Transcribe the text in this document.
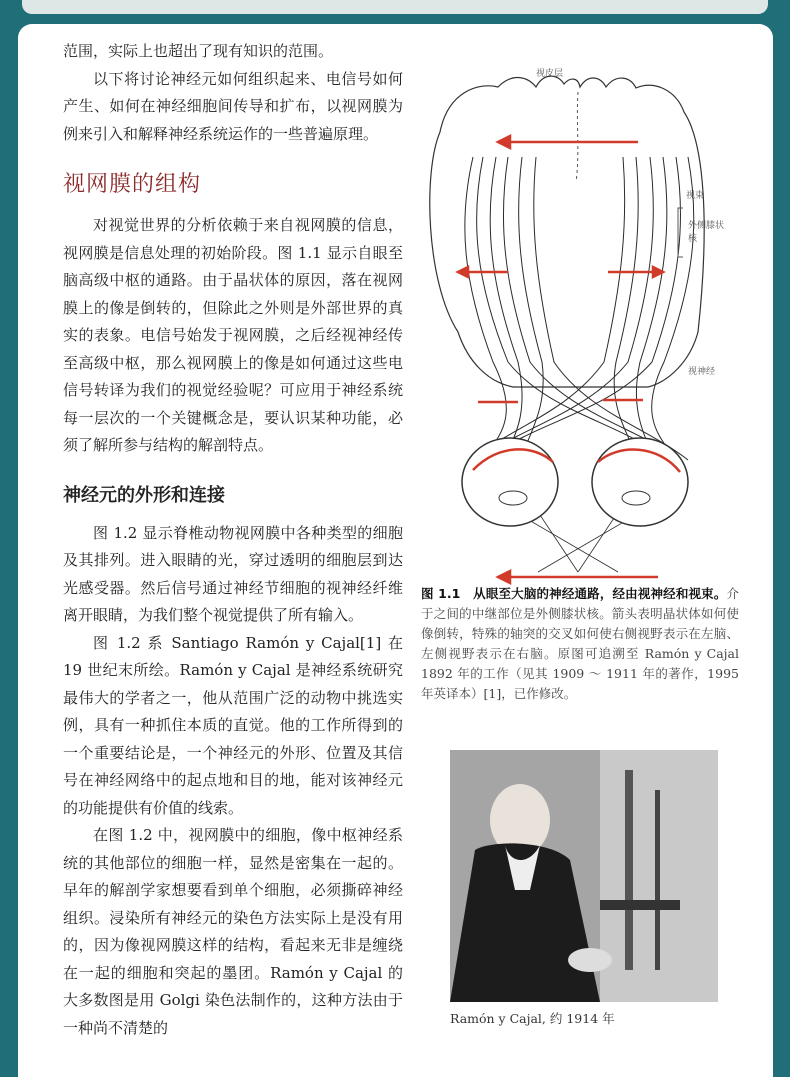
范围，实际上也超出了现有知识的范围。

以下将讨论神经元如何组织起来、电信号如何产生、如何在神经细胞间传导和扩布，以视网膜为例来引入和解释神经系统运作的一些普遍原理。

视网膜的组构

对视觉世界的分析依赖于来自视网膜的信息，视网膜是信息处理的初始阶段。图 1.1 显示自眼至脑高级中枢的通路。由于晶状体的原因，落在视网膜上的像是倒转的，但除此之外则是外部世界的真实的表象。电信号始发于视网膜，之后经视神经传至高级中枢，那么视网膜上的像是如何通过这些电信号转译为我们的视觉经验呢？可应用于神经系统每一层次的一个关键概念是，要认识某种功能，必须了解所参与结构的解剖特点。

神经元的外形和连接

图 1.2 显示脊椎动物视网膜中各种类型的细胞及其排列。进入眼睛的光，穿过透明的细胞层到达光感受器。然后信号通过神经节细胞的视神经纤维离开眼睛，为我们整个视觉提供了所有输入。

图 1.2 系 Santiago Ramón y Cajal[1] 在 19 世纪末所绘。Ramón y Cajal 是神经系统研究最伟大的学者之一，他从范围广泛的动物中挑选实例，具有一种抓住本质的直觉。他的工作所得到的一个重要结论是，一个神经元的外形、位置及其信号在神经网络中的起点地和目的地，能对该神经元的功能提供有价值的线索。

在图 1.2 中，视网膜中的细胞，像中枢神经系统的其他部位的细胞一样，显然是密集在一起的。早年的解剖学家想要看到单个细胞，必须撕碎神经组织。浸染所有神经元的染色方法实际上是没有用的，因为像视网膜这样的结构，看起来无非是缠绕在一起的细胞和突起的墨团。Ramón y Cajal 的大多数图是用 Golgi 染色法制作的，这种方法由于一种尚不清楚的

视皮层
视束
外侧膝状核
视神经
图 1.1　从眼至大脑的神经通路，经由视神经和视束。介于之间的中继部位是外侧膝状核。箭头表明晶状体如何使像倒转，特殊的轴突的交叉如何使右侧视野表示在左脑、左侧视野表示在右脑。原图可追溯至 Ramón y Cajal 1892 年的工作（见其 1909 ～ 1911 年的著作，1995 年英译本）[1]，已作修改。
Ramón y Cajal, 约 1914 年
